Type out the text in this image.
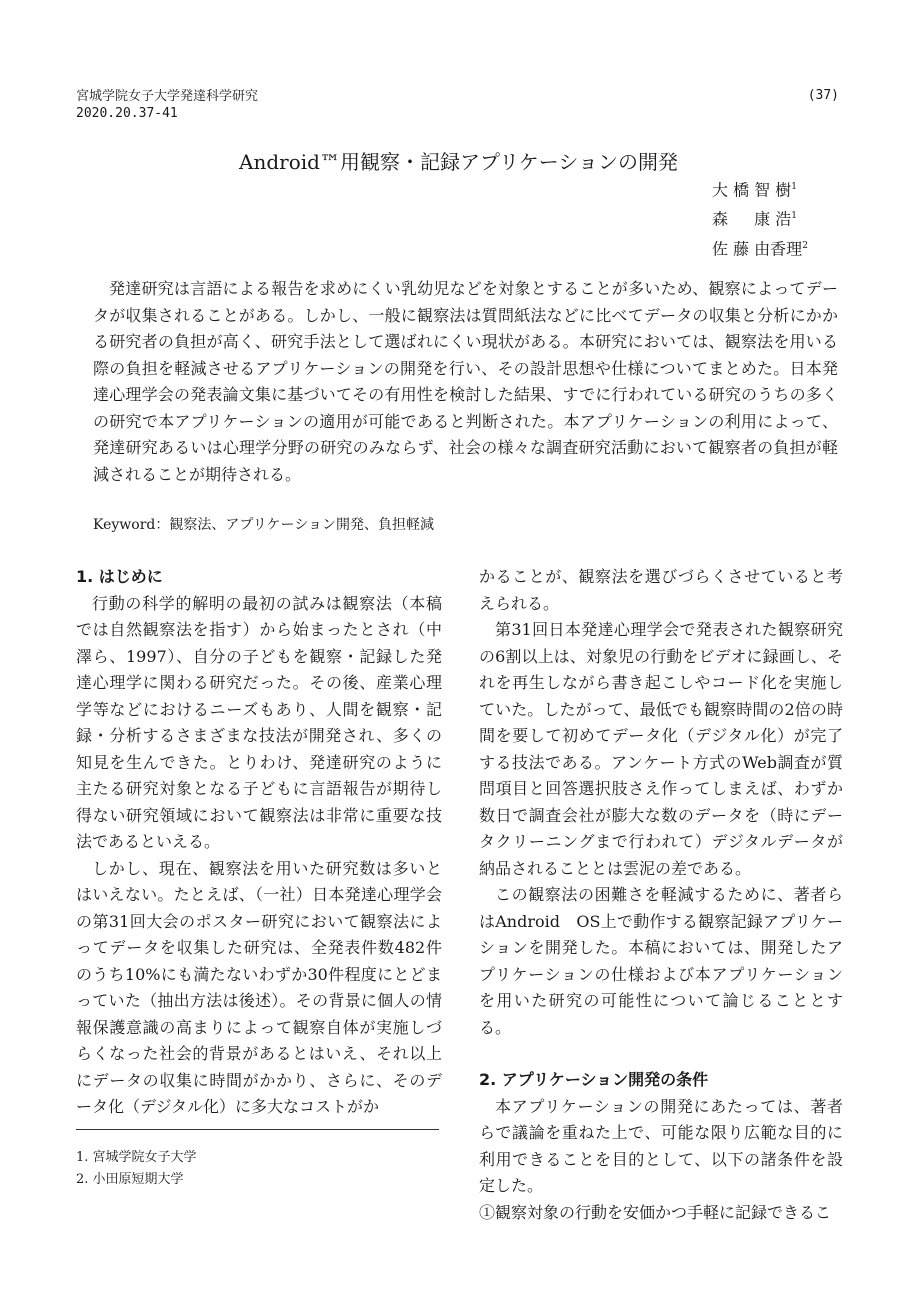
宮城学院女子大学発達科学研究
2020.20.37-41
(37)
Android™用観察・記録アプリケーションの開発
大 橋 智 樹$^1$
森 　 康 浩$^1$
佐 藤 由香理$^2$
発達研究は言語による報告を求めにくい乳幼児などを対象とすることが多いため、観察によってデータが収集されることがある。しかし、一般に観察法は質問紙法などに比べてデータの収集と分析にかかる研究者の負担が高く、研究手法として選ばれにくい現状がある。本研究においては、観察法を用いる際の負担を軽減させるアプリケーションの開発を行い、その設計思想や仕様についてまとめた。日本発達心理学会の発表論文集に基づいてその有用性を検討した結果、すでに行われている研究のうちの多くの研究で本アプリケーションの適用が可能であると判断された。本アプリケーションの利用によって、発達研究あるいは心理学分野の研究のみならず、社会の様々な調査研究活動において観察者の負担が軽減されることが期待される。
Keyword：観察法、アプリケーション開発、負担軽減
1. はじめに

行動の科学的解明の最初の試みは観察法（本稿では自然観察法を指す）から始まったとされ（中澤ら、1997）、自分の子どもを観察・記録した発達心理学に関わる研究だった。その後、産業心理学等などにおけるニーズもあり、人間を観察・記録・分析するさまざまな技法が開発され、多くの知見を生んできた。とりわけ、発達研究のように主たる研究対象となる子どもに言語報告が期待し得ない研究領域において観察法は非常に重要な技法であるといえる。

しかし、現在、観察法を用いた研究数は多いとはいえない。たとえば、（一社）日本発達心理学会の第31回大会のポスター研究において観察法によってデータを収集した研究は、全発表件数482件のうち10%にも満たないわずか30件程度にとどまっていた（抽出方法は後述）。その背景に個人の情報保護意識の高まりによって観察自体が実施しづらくなった社会的背景があるとはいえ、それ以上にデータの収集に時間がかかり、さらに、そのデータ化（デジタル化）に多大なコストがか

かることが、観察法を選びづらくさせていると考えられる。

第31回日本発達心理学会で発表された観察研究の6割以上は、対象児の行動をビデオに録画し、それを再生しながら書き起こしやコード化を実施していた。したがって、最低でも観察時間の2倍の時間を要して初めてデータ化（デジタル化）が完了する技法である。アンケート方式のWeb調査が質問項目と回答選択肢さえ作ってしまえば、わずか数日で調査会社が膨大な数のデータを（時にデータクリーニングまで行われて）デジタルデータが納品されることとは雲泥の差である。

この観察法の困難さを軽減するために、著者らはAndroid　OS上で動作する観察記録アプリケーションを開発した。本稿においては、開発したアプリケーションの仕様および本アプリケーションを用いた研究の可能性について論じることとする。

2. アプリケーション開発の条件

本アプリケーションの開発にあたっては、著者らで議論を重ねた上で、可能な限り広範な目的に利用できることを目的として、以下の諸条件を設定した。

①観察対象の行動を安価かつ手軽に記録できるこ

1. 宮城学院女子大学
2. 小田原短期大学
